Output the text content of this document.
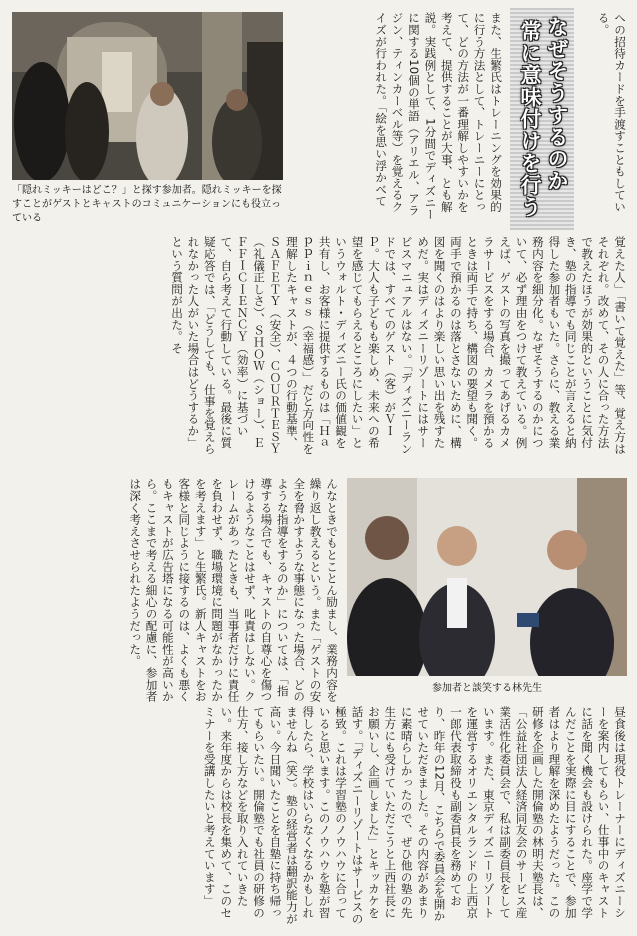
「隠れミッキーはどこ？」と探す参加者。隠れミッキーを探すことがゲストとキャストのコミュニケーションにも役立っている
また、生繁氏はトレーニングを効果的に行う方法として、トレーニーにとって、どの方法が一番理解しやすいかを考えて、提供することが大事、とも解説。実践例として、1分間でディズニーに関する10個の単語（アリエル、アラジン、ティンカーベル等）を覚えるクイズが行われた。「絵を思い浮かべて	なぜそうするのか
常に意味付けを行う	への招待カードを手渡すこともしている。
覚えた人」「書いて覚えた」等、覚え方はそれぞれ。改めて、その人に合った方法で教えたほうが効果的ということに気付き、塾の指導でも同じことが言えると納得した参加者もいた。さらに、教える業務内容を細分化。なぜそうするのかについて、必ず理由をつけて教えている。例えば、ゲストの写真を撮ってあげるカメラサービスをする場合、カメラを預かるときは両手で持ち、構図の要望も聞く。両手で預かるのは落とさないために、構図を聞くのはより楽しい思い出を残すためだ。実はディズニーリゾートにはサービスマニュアルはない。「ディズニーランドでは、すべてのゲスト（客）がＶＩＰ。大人も子どもも楽しめ、未来への希望を感じてもらえるところにしたい」というウォルト・ディズニー氏の価値観を共有し、お客様に提供するものは「Ｈａｐｐｉｎｅｓｓ（幸福感）」だと方向性を理解したキャストが、４つの行動基準、ＳＡＦＥＴＹ（安全）、ＣＯＵＲＴＥＳＹ（礼儀正しさ）、ＳＨＯＷ（ショー）、ＥＦＦＩＣＩＥＮＣＹ（効率）に基づいて、自ら考えて行動している。最後に質疑応答では、「どうしても、仕事を覚えられなかった人がいた場合はどうするか」という質問が出た。そ
んなときでもとことん励まし、業務内容を繰り返し教えるという。また「ゲストの安全を脅かすような事態になった場合、どのような指導をするのか」については、「指導する場合でも、キャストの自尊心を傷つけるようなことはせず、叱責はしない。クレームがあったときも、当事者だけに責任を負わせず、職場環境に問題がなかったかを考えます」と生繁氏。新人キャストをお客様と同じように接するのは、よくも悪くもキャストが広告塔になる可能性が高いから。ここまで考える細心の配慮に、参加者は深く考えさせられたようだった。
参加者と談笑する林先生
昼食後は現役トレーナーにディズニーシーを案内してもらい、仕事中のキャストに話を聞く機会も設けられた。座学で学んだことを実際に目にすることで、参加者はより理解を深めたようだった。この研修を企画した開倫塾の林明夫塾長は、「公益社団法人経済同友会のサービス産業活性化委員会で、私は副委員長をしています。また、東京ディズニーリゾートを運営するオリエンタルランドの上西京一郎代表取締役も副委員長を務めており、昨年の12月、こちらで委員会を開かせていただきました。その内容があまりに素晴らしかったので、ぜひ他の塾の先生方にも受けていただこうと上西社長にお願いし、企画しました」とキッカケを話す。「ディズニーリゾートはサービスの極致。これは学習塾のノウハウに合っていると思います。このノウハウを塾が習得したら、学校はいらなくなるかもしれませんね（笑）。塾の経営者は翻訳能力が高い。今日聞いたことを自塾に持ち帰ってもらいたい。開倫塾でも社員の研修の仕方、接し方などを取り入れていきたい。来年度からは校長を集めて、このセミナーを受講したいと考えています」
